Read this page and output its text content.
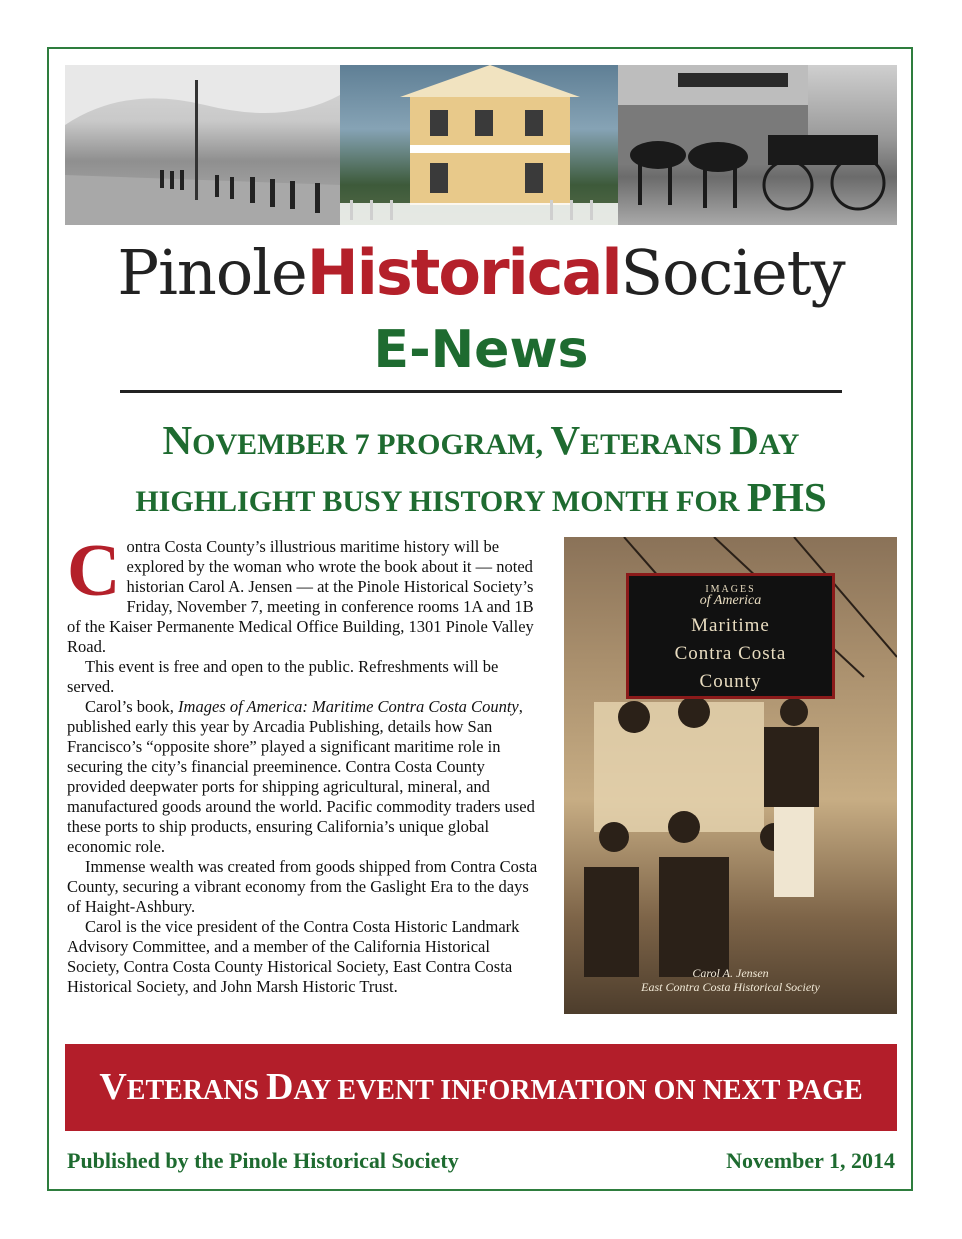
PinoleHistoricalSociety
E-News
NOVEMBER 7 PROGRAM, VETERANS DAY
HIGHLIGHT BUSY HISTORY MONTH FOR PHS

Contra Costa County’s illustrious maritime history will be explored by the woman who wrote the book about it — noted historian Carol A. Jensen — at the Pinole Historical Society’s Friday, November 7, meeting in conference rooms 1A and 1B of the Kaiser Permanente Medical Office Building, 1301 Pinole Valley Road.

This event is free and open to the public. Refreshments will be served.

Carol’s book, Images of America: Maritime Contra Costa County, published early this year by Arcadia Publishing, details how San Francisco’s “opposite shore” played a significant maritime role in securing the city’s financial preeminence. Contra Costa County provided deepwater ports for shipping agricultural, mineral, and manufactured goods around the world. Pacific commodity traders used these ports to ship products, ensuring California’s unique global economic role.

Immense wealth was created from goods shipped from Contra Costa County, securing a vibrant economy from the Gaslight Era to the days of Haight-Ashbury.

Carol is the vice president of the Contra Costa Historic Landmark Advisory Committee, and a member of the California Historical Society, Contra Costa County Historical Society, East Contra Costa Historical Society, and John Marsh Historic Trust.

IMAGES
of America
Maritime
Contra Costa
County
Carol A. Jensen
East Contra Costa Historical Society
VETERANS DAY EVENT INFORMATION ON NEXT PAGE
Published by the Pinole Historical Society	November 1, 2014
